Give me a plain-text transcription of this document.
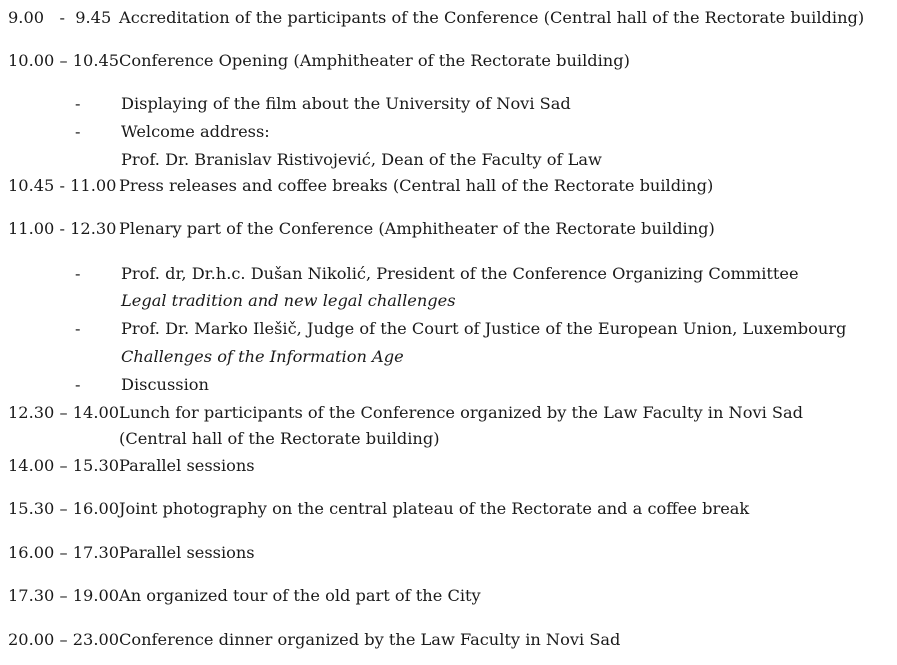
9.00   -  9.45 Accreditation of the participants of the Conference (Central hall of the Rectorate building)
10.00 – 10.45 Conference Opening (Amphitheater of the Rectorate building)
-	Displaying of the film about the University of Novi Sad
-	Welcome address:
Prof. Dr. Branislav Ristivojević, Dean of the Faculty of Law
10.45 - 11.00 Press releases and coffee breaks (Central hall of the Rectorate building)
11.00 - 12.30 Plenary part of the Conference (Amphitheater of the Rectorate building)
-	Prof. dr, Dr.h.c. Dušan Nikolić, President of the Conference Organizing Committee
Legal tradition and new legal challenges
-	Prof. Dr. Marko Ilešič, Judge of the Court of Justice of the European Union, Luxembourg
Challenges of the Information Age
-	Discussion
12.30 – 14.00 Lunch for participants of the Conference organized by the Law Faculty in Novi Sad
(Central hall of the Rectorate building)
14.00 – 15.30 Parallel sessions
15.30 – 16.00 Joint photography on the central plateau of the Rectorate and a coffee break
16.00 – 17.30 Parallel sessions
17.30 – 19.00 An organized tour of the old part of the City
20.00 – 23.00 Conference dinner organized by the Law Faculty in Novi Sad
